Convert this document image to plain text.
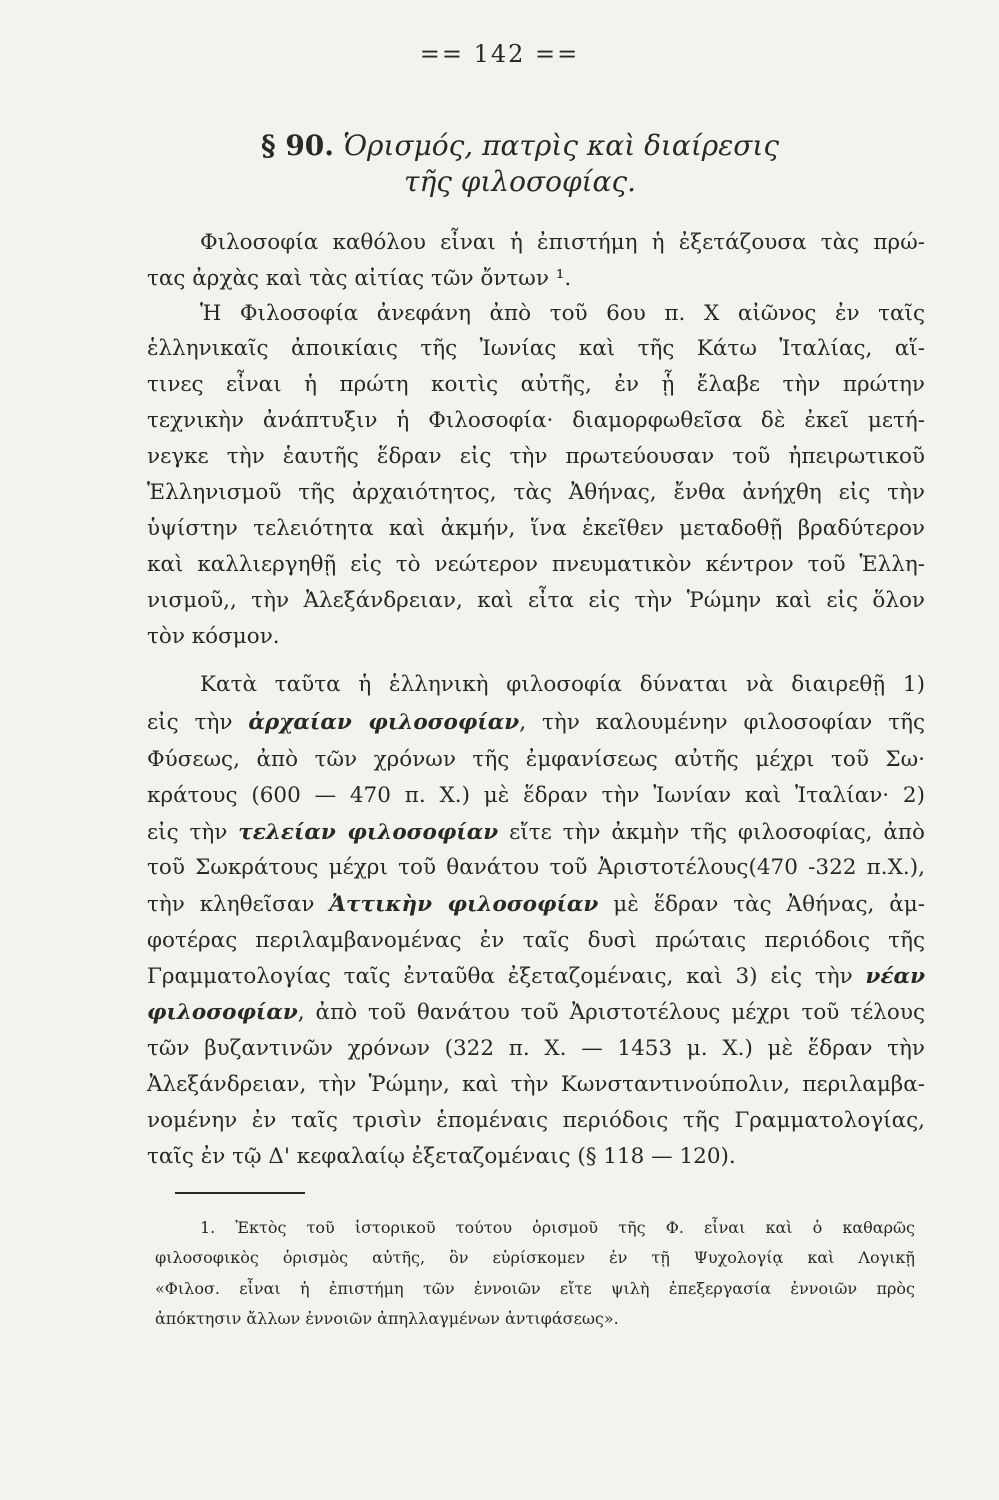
== 142 ==
§ 90. Ὁρισμός, πατρὶς καὶ διαίρεσις
τῆς φιλοσοφίας.
Φιλοσοφία καθόλου εἶναι ἡ ἐπιστήμη ἡ ἐξετάζουσα τὰς πρώ-
τας ἀρχὰς καὶ τὰς αἰτίας τῶν ὄντων ¹.
Ἡ Φιλοσοφία ἀνεφάνη ἀπὸ τοῦ 6ου π. Χ αἰῶνος ἐν ταῖς
ἑλληνικαῖς ἀποικίαις τῆς Ἰωνίας καὶ τῆς Κάτω Ἰταλίας, αἵ-
τινες εἶναι ἡ πρώτη κοιτὶς αὐτῆς, ἐν ᾗ ἔλαβε τὴν πρώτην
τεχνικὴν ἀνάπτυξιν ἡ Φιλοσοφία· διαμορφωθεῖσα δὲ ἐκεῖ μετή-
νεγκε τὴν ἑαυτῆς ἕδραν εἰς τὴν πρωτεύουσαν τοῦ ἠπειρωτικοῦ
Ἑλληνισμοῦ τῆς ἀρχαιότητος, τὰς Ἀθήνας, ἔνθα ἀνήχθη εἰς τὴν
ὑψίστην τελειότητα καὶ ἀκμήν, ἵνα ἐκεῖθεν μεταδοθῇ βραδύτερον
καὶ καλλιεργηθῇ εἰς τὸ νεώτερον πνευματικὸν κέντρον τοῦ Ἑλλη-
νισμοῦ,, τὴν Ἀλεξάνδρειαν, καὶ εἶτα εἰς τὴν Ῥώμην καὶ εἰς ὅλον
τὸν κόσμον.
Κατὰ ταῦτα ἡ ἑλληνικὴ φιλοσοφία δύναται νὰ διαιρεθῇ 1)
εἰς τὴν ἀρχαίαν φιλοσοφίαν, τὴν καλουμένην φιλοσοφίαν τῆς
Φύσεως, ἀπὸ τῶν χρόνων τῆς ἐμφανίσεως αὐτῆς μέχρι τοῦ Σω·
κράτους (600 — 470 π. Χ.) μὲ ἕδραν τὴν Ἰωνίαν καὶ Ἰταλίαν· 2)
εἰς τὴν τελείαν φιλοσοφίαν εἴτε τὴν ἀκμὴν τῆς φιλοσοφίας, ἀπὸ
τοῦ Σωκράτους μέχρι τοῦ θανάτου τοῦ Ἀριστοτέλους(470 -322 π.Χ.),
τὴν κληθεῖσαν Ἀττικὴν φιλοσοφίαν μὲ ἕδραν τὰς Ἀθήνας, ἀμ-
φοτέρας περιλαμβανομένας ἐν ταῖς δυσὶ πρώταις περιόδοις τῆς
Γραμματολογίας ταῖς ἐνταῦθα ἐξεταζομέναις, καὶ 3) εἰς τὴν νέαν
φιλοσοφίαν, ἀπὸ τοῦ θανάτου τοῦ Ἀριστοτέλους μέχρι τοῦ τέλους
τῶν βυζαντινῶν χρόνων (322 π. Χ. — 1453 μ. Χ.) μὲ ἕδραν τὴν
Ἀλεξάνδρειαν, τὴν Ῥώμην, καὶ τὴν Κωνσταντινούπολιν, περιλαμβα-
νομένην ἐν ταῖς τρισὶν ἑπομέναις περιόδοις τῆς Γραμματολογίας,
ταῖς ἐν τῷ Δ' κεφαλαίῳ ἐξεταζομέναις (§ 118 — 120).
1. Ἐκτὸς τοῦ ἱστορικοῦ τούτου ὁρισμοῦ τῆς Φ. εἶναι καὶ ὁ καθαρῶς
φιλοσοφικὸς ὁρισμὸς αὐτῆς, ὃν εὑρίσκομεν ἐν τῇ Ψυχολογίᾳ καὶ Λογικῇ
«Φιλοσ. εἶναι ἡ ἐπιστήμη τῶν ἐννοιῶν εἴτε ψιλὴ ἐπεξεργασία ἐννοιῶν πρὸς
ἀπόκτησιν ἄλλων ἐννοιῶν ἀπηλλαγμένων ἀντιφάσεως».
